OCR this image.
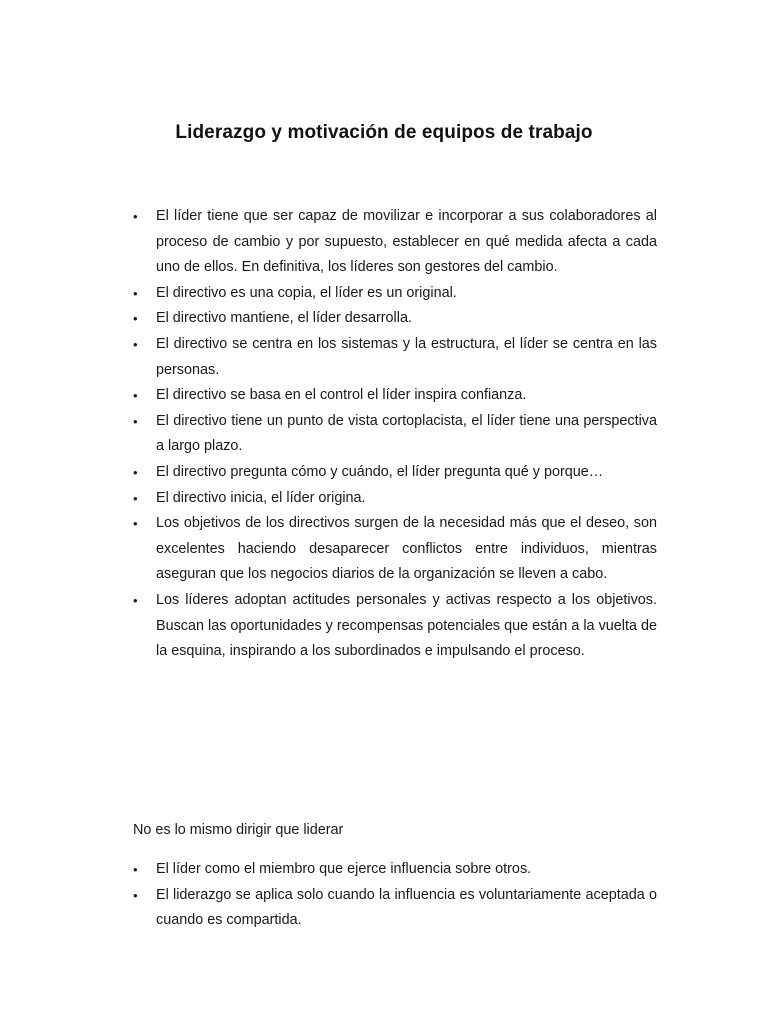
Liderazgo y motivación de equipos de trabajo
•	El líder tiene que ser capaz de movilizar e incorporar a sus colaboradores al proceso de cambio y por supuesto, establecer en qué medida afecta a cada uno de ellos. En definitiva, los líderes son gestores del cambio.
•	El directivo es una copia, el líder es un original.
•	El directivo mantiene, el líder desarrolla.
•	El directivo se centra en los sistemas y la estructura, el líder se centra en las personas.
•	El directivo se basa en el control el líder inspira confianza.
•	El directivo tiene un punto de vista cortoplacista, el líder tiene una perspectiva a largo plazo.
•	El directivo pregunta cómo y cuándo, el líder pregunta qué y porque…
•	El directivo inicia, el líder origina.
•	Los objetivos de los directivos surgen de la necesidad más que el deseo, son excelentes haciendo desaparecer conflictos entre individuos, mientras aseguran que los negocios diarios de la organización se lleven a cabo.
•	Los líderes adoptan actitudes personales y activas respecto a los objetivos. Buscan las oportunidades y recompensas potenciales que están a la vuelta de la esquina, inspirando a los subordinados e impulsando el proceso.

No es lo mismo dirigir que liderar

•	El líder como el miembro que ejerce influencia sobre otros.
•	El liderazgo se aplica solo cuando la influencia es voluntariamente aceptada o cuando es compartida.
